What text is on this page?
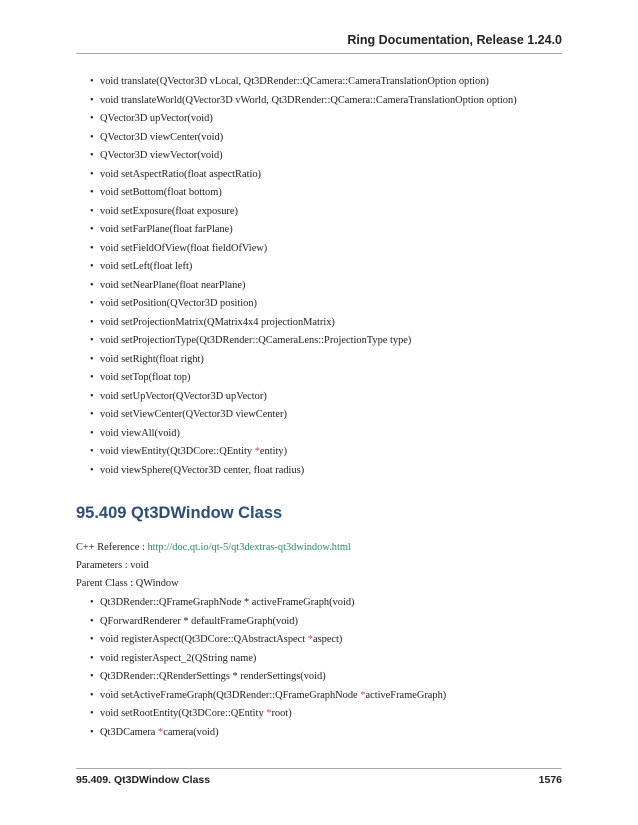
Ring Documentation, Release 1.24.0
• void translate(QVector3D vLocal, Qt3DRender::QCamera::CameraTranslationOption option)
• void translateWorld(QVector3D vWorld, Qt3DRender::QCamera::CameraTranslationOption option)
• QVector3D upVector(void)
• QVector3D viewCenter(void)
• QVector3D viewVector(void)
• void setAspectRatio(float aspectRatio)
• void setBottom(float bottom)
• void setExposure(float exposure)
• void setFarPlane(float farPlane)
• void setFieldOfView(float fieldOfView)
• void setLeft(float left)
• void setNearPlane(float nearPlane)
• void setPosition(QVector3D position)
• void setProjectionMatrix(QMatrix4x4 projectionMatrix)
• void setProjectionType(Qt3DRender::QCameraLens::ProjectionType type)
• void setRight(float right)
• void setTop(float top)
• void setUpVector(QVector3D upVector)
• void setViewCenter(QVector3D viewCenter)
• void viewAll(void)
• void viewEntity(Qt3DCore::QEntity *entity)
• void viewSphere(QVector3D center, float radius)
95.409 Qt3DWindow Class
C++ Reference : http://doc.qt.io/qt-5/qt3dextras-qt3dwindow.html
Parameters : void
Parent Class : QWindow
• Qt3DRender::QFrameGraphNode * activeFrameGraph(void)
• QForwardRenderer * defaultFrameGraph(void)
• void registerAspect(Qt3DCore::QAbstractAspect *aspect)
• void registerAspect_2(QString name)
• Qt3DRender::QRenderSettings * renderSettings(void)
• void setActiveFrameGraph(Qt3DRender::QFrameGraphNode *activeFrameGraph)
• void setRootEntity(Qt3DCore::QEntity *root)
• Qt3DCamera *camera(void)
95.409. Qt3DWindow Class	1576
